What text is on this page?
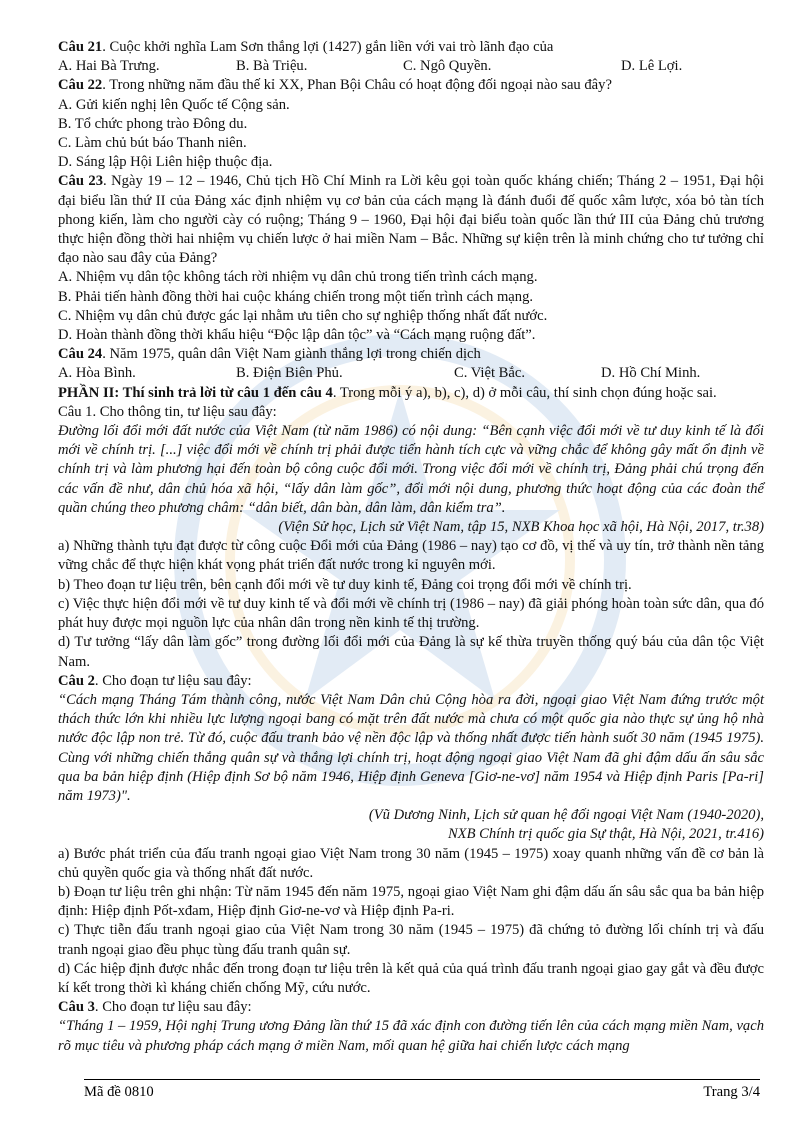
Câu 21. Cuộc khởi nghĩa Lam Sơn thắng lợi (1427) gắn liền với vai trò lãnh đạo của
A. Hai Bà Trưng.	B. Bà Triệu.	C. Ngô Quyền.	D. Lê Lợi.
Câu 22. Trong những năm đầu thế kỉ XX, Phan Bội Châu có hoạt động đối ngoại nào sau đây?
A. Gửi kiến nghị lên Quốc tế Cộng sản.
B. Tổ chức phong trào Đông du.
C. Làm chủ bút báo Thanh niên.
D. Sáng lập Hội Liên hiệp thuộc địa.
Câu 23. Ngày 19 – 12 – 1946, Chủ tịch Hồ Chí Minh ra Lời kêu gọi toàn quốc kháng chiến; Tháng 2 – 1951, Đại hội đại biểu lần thứ II của Đảng xác định nhiệm vụ cơ bản của cách mạng là đánh đuổi đế quốc xâm lược, xóa bỏ tàn tích phong kiến, làm cho người cày có ruộng; Tháng 9 – 1960, Đại hội đại biểu toàn quốc lần thứ III của Đảng chủ trương thực hiện đồng thời hai nhiệm vụ chiến lược ở hai miền Nam – Bắc. Những sự kiện trên là minh chứng cho tư tưởng chỉ đạo nào sau đây của Đảng?
A. Nhiệm vụ dân tộc không tách rời nhiệm vụ dân chủ trong tiến trình cách mạng.
B. Phải tiến hành đồng thời hai cuộc kháng chiến trong một tiến trình cách mạng.
C. Nhiệm vụ dân chủ được gác lại nhằm ưu tiên cho sự nghiệp thống nhất đất nước.
D. Hoàn thành đồng thời khẩu hiệu “Độc lập dân tộc” và “Cách mạng ruộng đất”.
Câu 24. Năm 1975, quân dân Việt Nam giành thắng lợi trong chiến dịch
A. Hòa Bình.	B. Điện Biên Phủ.	C. Việt Bắc.	D. Hồ Chí Minh.
PHẦN II: Thí sinh trả lời từ câu 1 đến câu 4. Trong mỗi ý a), b), c), d) ở mỗi câu, thí sinh chọn đúng hoặc sai.
Câu 1. Cho thông tin, tư liệu sau đây:
Đường lối đổi mới đất nước của Việt Nam (từ năm 1986) có nội dung: “Bên cạnh việc đổi mới về tư duy kinh tế là đổi mới về chính trị. [...] việc đổi mới về chính trị phải được tiến hành tích cực và vững chắc để không gây mất ổn định về chính trị và làm phương hại đến toàn bộ công cuộc đổi mới. Trong việc đổi mới về chính trị, Đảng phải chú trọng đến các vấn đề như, dân chủ hóa xã hội, “lấy dân làm gốc”, đổi mới nội dung, phương thức hoạt động của các đoàn thể quần chúng theo phương châm: “dân biết, dân bàn, dân làm, dân kiểm tra”.
(Viện Sử học, Lịch sử Việt Nam, tập 15, NXB Khoa học xã hội, Hà Nội, 2017, tr.38)
a) Những thành tựu đạt được từ công cuộc Đổi mới của Đảng (1986 – nay) tạo cơ đồ, vị thế và uy tín, trở thành nền tảng vững chắc để thực hiện khát vọng phát triển đất nước trong kỉ nguyên mới.
b) Theo đoạn tư liệu trên, bên cạnh đổi mới về tư duy kinh tế, Đảng coi trọng đổi mới về chính trị.
c) Việc thực hiện đổi mới về tư duy kinh tế và đổi mới về chính trị (1986 – nay) đã giải phóng hoàn toàn sức dân, qua đó phát huy được mọi nguồn lực của nhân dân trong nền kinh tế thị trường.
d) Tư tưởng “lấy dân làm gốc” trong đường lối đổi mới của Đảng là sự kế thừa truyền thống quý báu của dân tộc Việt Nam.
Câu 2. Cho đoạn tư liệu sau đây:
“Cách mạng Tháng Tám thành công, nước Việt Nam Dân chủ Cộng hòa ra đời, ngoại giao Việt Nam đứng trước một thách thức lớn khi nhiều lực lượng ngoại bang có mặt trên đất nước mà chưa có một quốc gia nào thực sự ủng hộ nhà nước độc lập non trẻ. Từ đó, cuộc đấu tranh bảo vệ nền độc lập và thống nhất được tiến hành suốt 30 năm (1945 1975). Cùng với những chiến thắng quân sự và thắng lợi chính trị, hoạt động ngoại giao Việt Nam đã ghi đậm dấu ấn sâu sắc qua ba bản hiệp định (Hiệp định Sơ bộ năm 1946, Hiệp định Geneva [Giơ-ne-vơ] năm 1954 và Hiệp định Paris [Pa-ri] năm 1973)".
(Vũ Dương Ninh, Lịch sử quan hệ đối ngoại Việt Nam (1940-2020),
NXB Chính trị quốc gia Sự thật, Hà Nội, 2021, tr.416)
a) Bước phát triển của đấu tranh ngoại giao Việt Nam trong 30 năm (1945 – 1975) xoay quanh những vấn đề cơ bản là chủ quyền quốc gia và thống nhất đất nước.
b) Đoạn tư liệu trên ghi nhận: Từ năm 1945 đến năm 1975, ngoại giao Việt Nam ghi đậm dấu ấn sâu sắc qua ba bản hiệp định: Hiệp định Pốt-xđam, Hiệp định Giơ-ne-vơ và Hiệp định Pa-ri.
c) Thực tiễn đấu tranh ngoại giao của Việt Nam trong 30 năm (1945 – 1975) đã chứng tỏ đường lối chính trị và đấu tranh ngoại giao đều phục tùng đấu tranh quân sự.
d) Các hiệp định được nhắc đến trong đoạn tư liệu trên là kết quả của quá trình đấu tranh ngoại giao gay gắt và đều được kí kết trong thời kì kháng chiến chống Mỹ, cứu nước.
Câu 3. Cho đoạn tư liệu sau đây:
“Tháng 1 – 1959, Hội nghị Trung ương Đảng lần thứ 15 đã xác định con đường tiến lên của cách mạng miền Nam, vạch rõ mục tiêu và phương pháp cách mạng ở miền Nam, mối quan hệ giữa hai chiến lược cách mạng
Mã đề 0810	Trang 3/4
